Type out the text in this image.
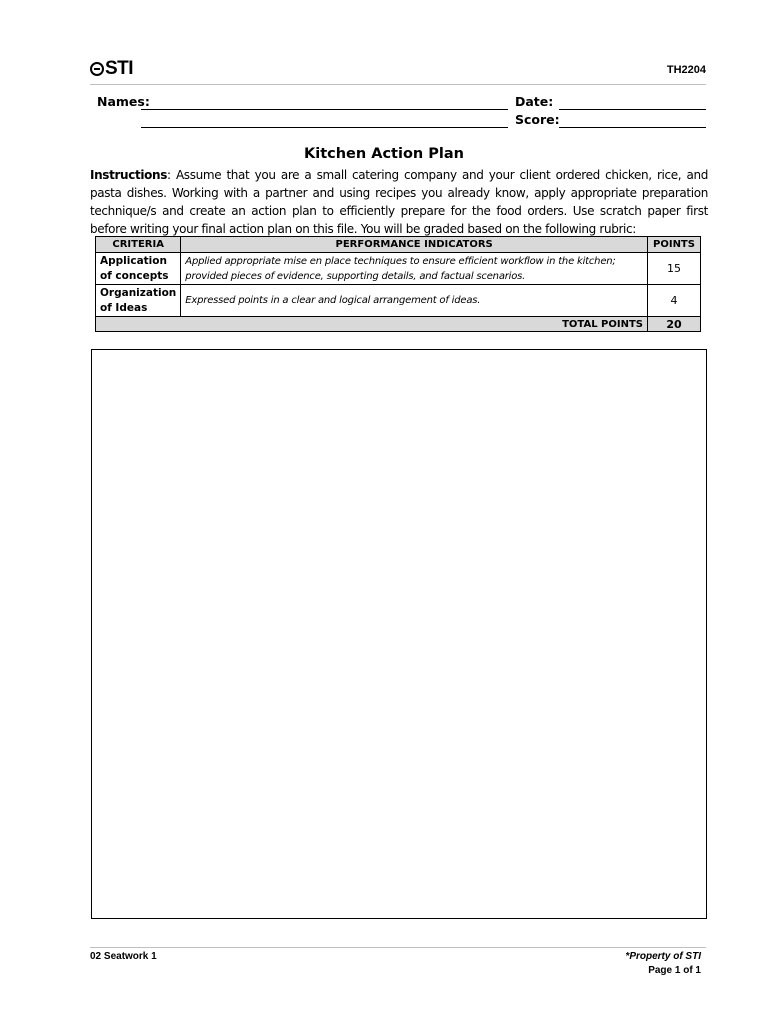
STI	TH2204
Names:	Date:
Score:
Kitchen Action Plan
Instructions: Assume that you are a small catering company and your client ordered chicken, rice, and pasta dishes. Working with a partner and using recipes you already know, apply appropriate preparation technique/s and create an action plan to efficiently prepare for the food orders. Use scratch paper first before writing your final action plan on this file. You will be graded based on the following rubric:
CRITERIA	PERFORMANCE INDICATORS	POINTS
Application of concepts	Applied appropriate mise en place techniques to ensure efficient workflow in the kitchen; provided pieces of evidence, supporting details, and factual scenarios.	15
Organization of Ideas	Expressed points in a clear and logical arrangement of ideas.	4
TOTAL POINTS		20
02 Seatwork 1	*Property of STI
Page 1 of 1
